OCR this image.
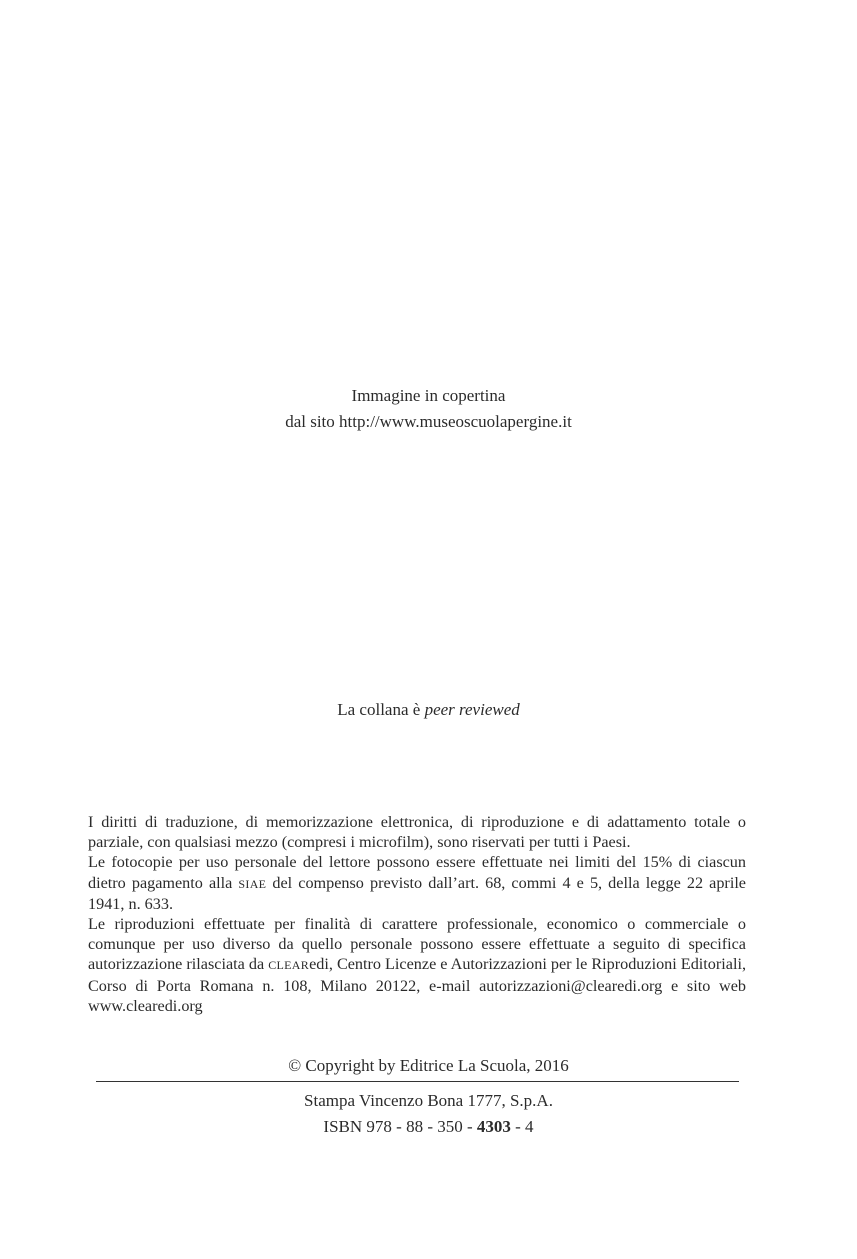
Immagine in copertina
dal sito http://www.museoscuolapergine.it
La collana è peer reviewed

I diritti di traduzione, di memorizzazione elettronica, di riproduzione e di adattamento totale o parziale, con qualsiasi mezzo (compresi i microfilm), sono riservati per tutti i Paesi.

Le fotocopie per uso personale del lettore possono essere effettuate nei limiti del 15% di ciascun dietro pagamento alla SIAE del compenso previsto dall’art. 68, commi 4 e 5, della legge 22 aprile 1941, n. 633.

Le riproduzioni effettuate per finalità di carattere professionale, economico o commerciale o comunque per uso diverso da quello personale possono essere effettuate a seguito di specifica autorizzazione rilasciata da CLEARedi, Centro Licenze e Autorizzazioni per le Riproduzioni Editoriali, Corso di Porta Romana n. 108, Milano 20122, e-mail autorizzazioni@clearedi.org e sito web www.clearedi.org

© Copyright by Editrice La Scuola, 2016
Stampa Vincenzo Bona 1777, S.p.A.
ISBN 978 - 88 - 350 - 4303 - 4
